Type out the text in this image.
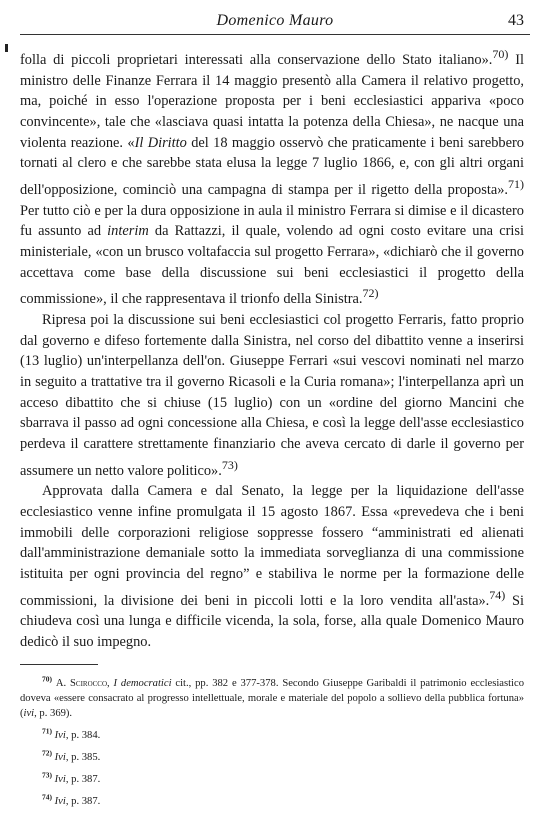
Domenico Mauro	43

folla di piccoli proprietari interessati alla conservazione dello Stato italiano».$^{70)}$ Il ministro delle Finanze Ferrara il 14 maggio presentò alla Camera il relativo progetto, ma, poiché in esso l'operazione proposta per i beni ecclesiastici appariva «poco convincente», tale che «lasciava quasi intatta la potenza della Chiesa», ne nacque una violenta reazione. «Il Diritto del 18 maggio osservò che praticamente i beni sarebbero tornati al clero e che sarebbe stata elusa la legge 7 luglio 1866, e, con gli altri organi dell'opposizione, cominciò una campagna di stampa per il rigetto della proposta».$^{71)}$ Per tutto ciò e per la dura opposizione in aula il ministro Ferrara si dimise e il dicastero fu assunto ad interim da Rattazzi, il quale, volendo ad ogni costo evitare una crisi ministeriale, «con un brusco voltafaccia sul progetto Ferrara», «dichiarò che il governo accettava come base della discussione sui beni ecclesiastici il progetto della commissione», il che rappresentava il trionfo della Sinistra.$^{72)}$

Ripresa poi la discussione sui beni ecclesiastici col progetto Ferraris, fatto proprio dal governo e difeso fortemente dalla Sinistra, nel corso del dibattito venne a inserirsi (13 luglio) un'interpellanza dell'on. Giuseppe Ferrari «sui vescovi nominati nel marzo in seguito a trattative tra il governo Ricasoli e la Curia romana»; l'interpellanza aprì un acceso dibattito che si chiuse (15 luglio) con un «ordine del giorno Mancini che sbarrava il passo ad ogni concessione alla Chiesa, e così la legge dell'asse ecclesiastico perdeva il carattere strettamente finanziario che aveva cercato di darle il governo per assumere un netto valore politico».$^{73)}$

Approvata dalla Camera e dal Senato, la legge per la liquidazione dell'asse ecclesiastico venne infine promulgata il 15 agosto 1867. Essa «prevedeva che i beni immobili delle corporazioni religiose soppresse fossero “amministrati ed alienati dall'amministrazione demaniale sotto la immediata sorveglianza di una commissione istituita per ogni provincia del regno” e stabiliva le norme per la formazione delle commissioni, la divisione dei beni in piccoli lotti e la loro vendita all'asta».$^{74)}$ Si chiudeva così una lunga e difficile vicenda, la sola, forse, alla quale Domenico Mauro dedicò il suo impegno.

$^{70)}$ A. Scirocco, I democratici cit., pp. 382 e 377-378. Secondo Giuseppe Garibaldi il patrimonio ecclesiastico doveva «essere consacrato al progresso intellettuale, morale e materiale del popolo a sollievo della pubblica fortuna» (ivi, p. 369).

$^{71)}$ Ivi, p. 384.

$^{72)}$ Ivi, p. 385.

$^{73)}$ Ivi, p. 387.

$^{74)}$ Ivi, p. 387.
